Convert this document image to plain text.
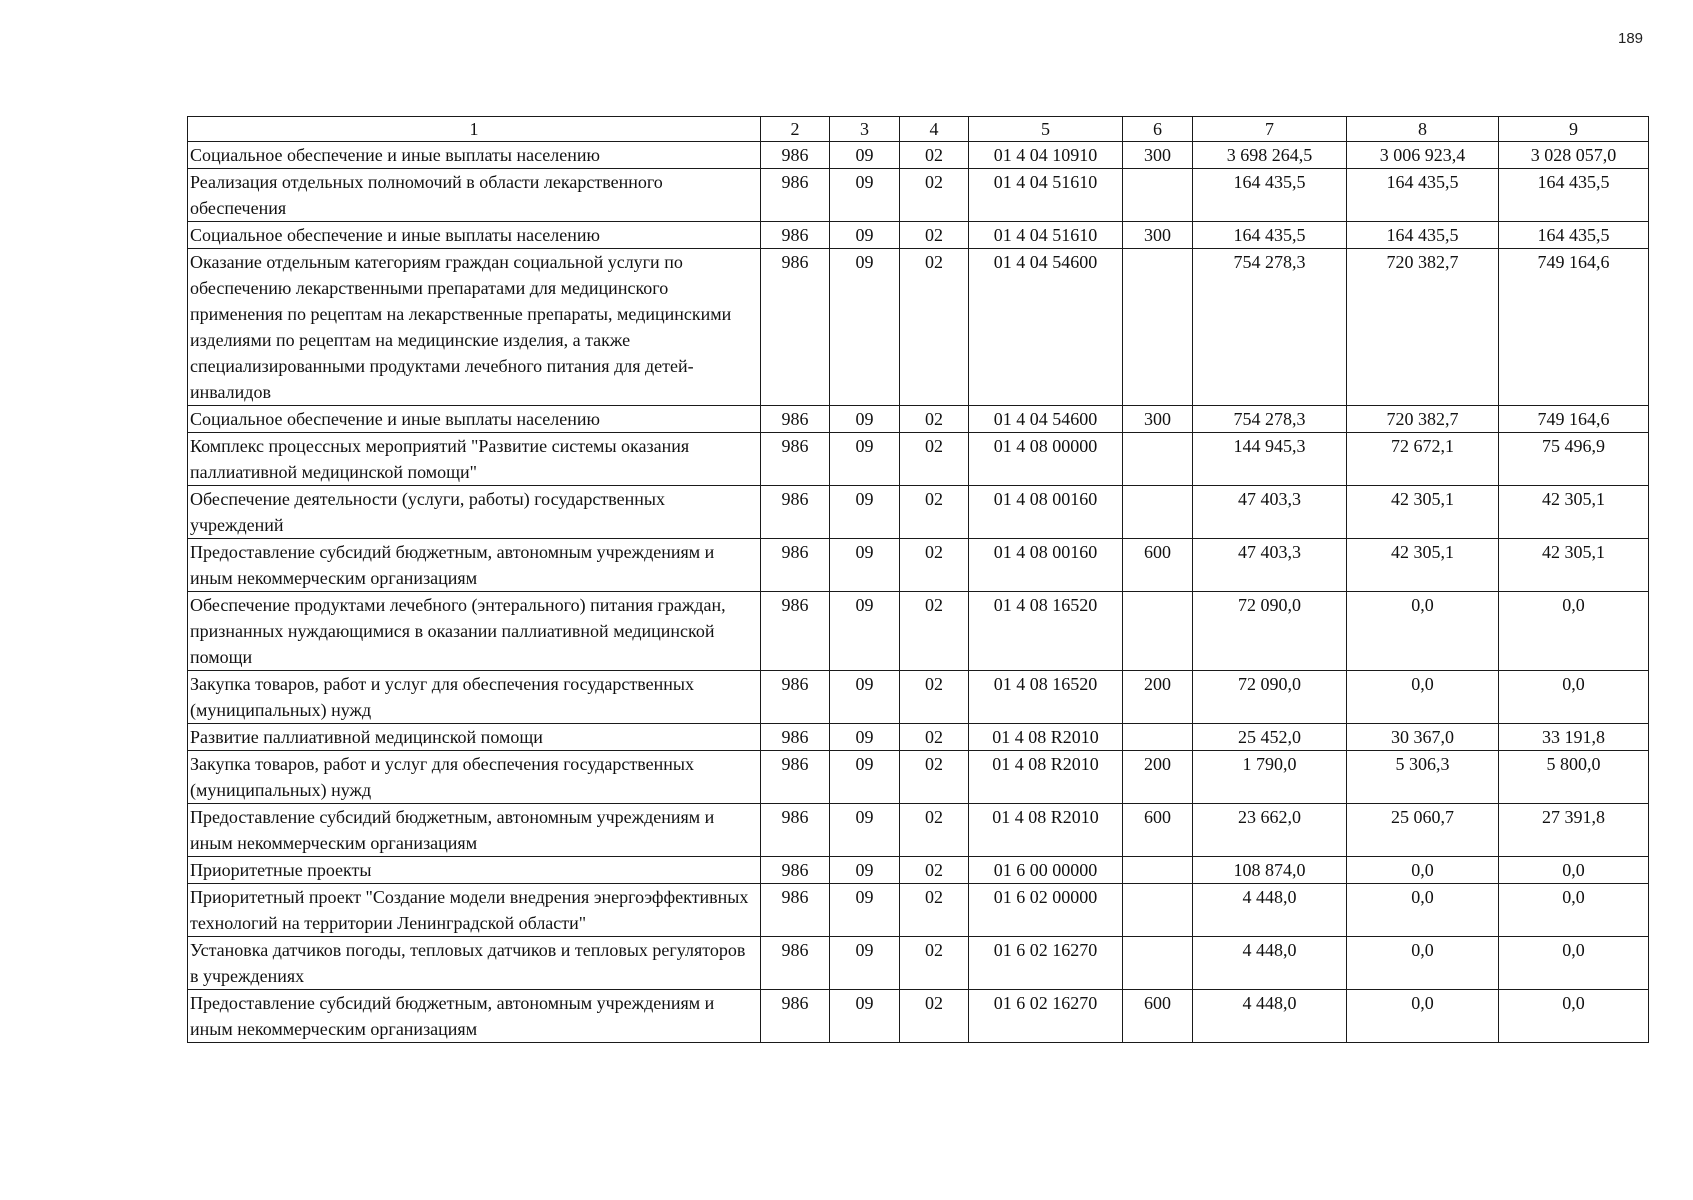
189
1	2	3	4	5	6	7	8	9
Социальное обеспечение и иные выплаты населению	986	09	02	01 4 04 10910	300	3 698 264,5	3 006 923,4	3 028 057,0
Реализация отдельных полномочий в области лекарственного обеспечения	986	09	02	01 4 04 51610		164 435,5	164 435,5	164 435,5
Социальное обеспечение и иные выплаты населению	986	09	02	01 4 04 51610	300	164 435,5	164 435,5	164 435,5
Оказание отдельным категориям граждан социальной услуги по обеспечению лекарственными препаратами для медицинского применения по рецептам на лекарственные препараты, медицинскими изделиями по рецептам на медицинские изделия, а также специализированными продуктами лечебного питания для детей-инвалидов	986	09	02	01 4 04 54600		754 278,3	720 382,7	749 164,6
Социальное обеспечение и иные выплаты населению	986	09	02	01 4 04 54600	300	754 278,3	720 382,7	749 164,6
Комплекс процессных мероприятий "Развитие системы оказания паллиативной медицинской помощи"	986	09	02	01 4 08 00000		144 945,3	72 672,1	75 496,9
Обеспечение деятельности (услуги, работы) государственных учреждений	986	09	02	01 4 08 00160		47 403,3	42 305,1	42 305,1
Предоставление субсидий бюджетным, автономным учреждениям и иным некоммерческим организациям	986	09	02	01 4 08 00160	600	47 403,3	42 305,1	42 305,1
Обеспечение продуктами лечебного (энтерального) питания граждан, признанных нуждающимися в оказании паллиативной медицинской помощи	986	09	02	01 4 08 16520		72 090,0	0,0	0,0
Закупка товаров, работ и услуг для обеспечения государственных (муниципальных) нужд	986	09	02	01 4 08 16520	200	72 090,0	0,0	0,0
Развитие паллиативной медицинской помощи	986	09	02	01 4 08 R2010		25 452,0	30 367,0	33 191,8
Закупка товаров, работ и услуг для обеспечения государственных (муниципальных) нужд	986	09	02	01 4 08 R2010	200	1 790,0	5 306,3	5 800,0
Предоставление субсидий бюджетным, автономным учреждениям и иным некоммерческим организациям	986	09	02	01 4 08 R2010	600	23 662,0	25 060,7	27 391,8
Приоритетные проекты	986	09	02	01 6 00 00000		108 874,0	0,0	0,0
Приоритетный проект "Создание модели внедрения энергоэффективных технологий на территории Ленинградской области"	986	09	02	01 6 02 00000		4 448,0	0,0	0,0
Установка датчиков погоды, тепловых датчиков и тепловых регуляторов в учреждениях	986	09	02	01 6 02 16270		4 448,0	0,0	0,0
Предоставление субсидий бюджетным, автономным учреждениям и иным некоммерческим организациям	986	09	02	01 6 02 16270	600	4 448,0	0,0	0,0
